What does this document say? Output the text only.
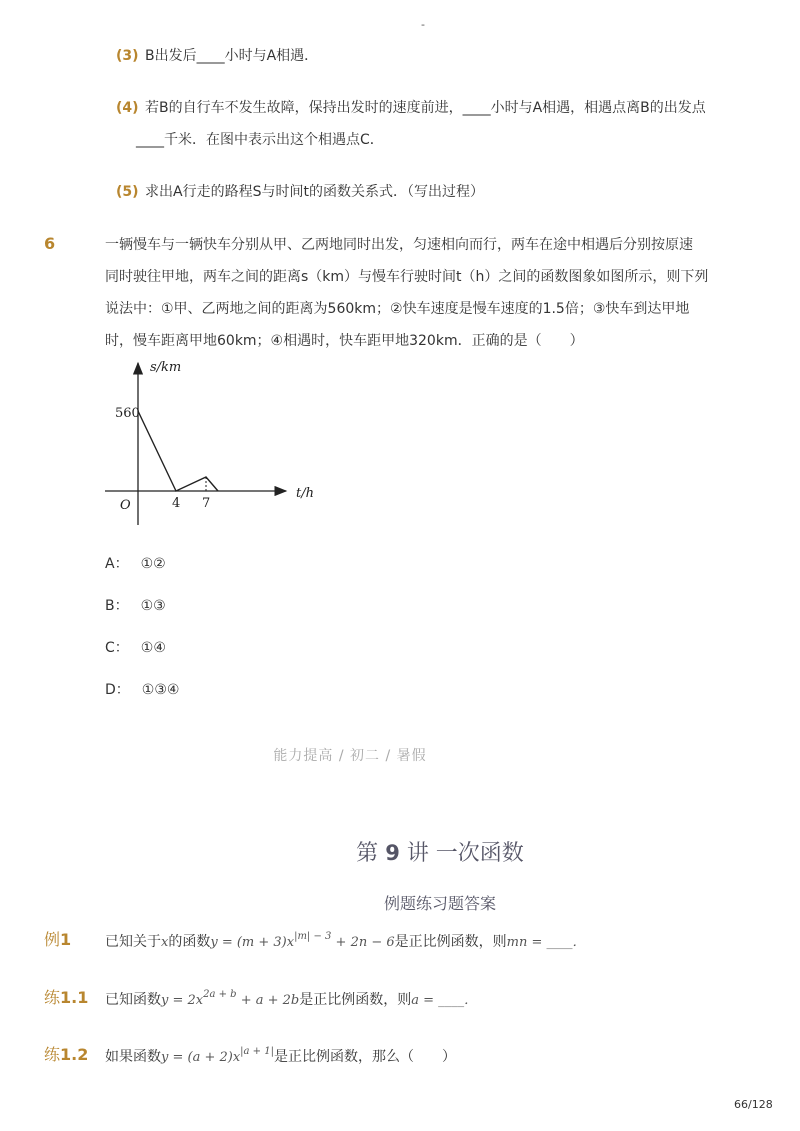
-
(3) B出发后____小时与A相遇．
(4) 若B的自行车不发生故障，保持出发时的速度前进，____小时与A相遇，相遇点离B的出发点
____千米．在图中表示出这个相遇点C．
(5) 求出A行走的路程S与时间t的函数关系式．（写出过程）
6	一辆慢车与一辆快车分别从甲、乙两地同时出发，匀速相向而行，两车在途中相遇后分别按原速
同时驶往甲地，两车之间的距离s（km）与慢车行驶时间t（h）之间的函数图象如图所示，则下列
说法中：①甲、乙两地之间的距离为560km；②快车速度是慢车速度的1.5倍；③快车到达甲地
时，慢车距离甲地60km；④相遇时，快车距甲地320km．正确的是（　　）
s/km
t/h
O
560
4 7
A： ①②
B： ①③
C： ①④
D： ①③④
能力提高 / 初二 / 暑假
第 9 讲 一次函数
例题练习题答案
例1 已知关于x的函数$y = (m + 3)x^{|m| - 3} + 2n - 6$是正比例函数，则mn = ____．
练1.1 已知函数$y = 2x^{2a + b} + a + 2b$是正比例函数，则a = ____．
练1.2 如果函数$y = (a + 2)x^{|a + 1|}$是正比例函数，那么（　　）
66/128
